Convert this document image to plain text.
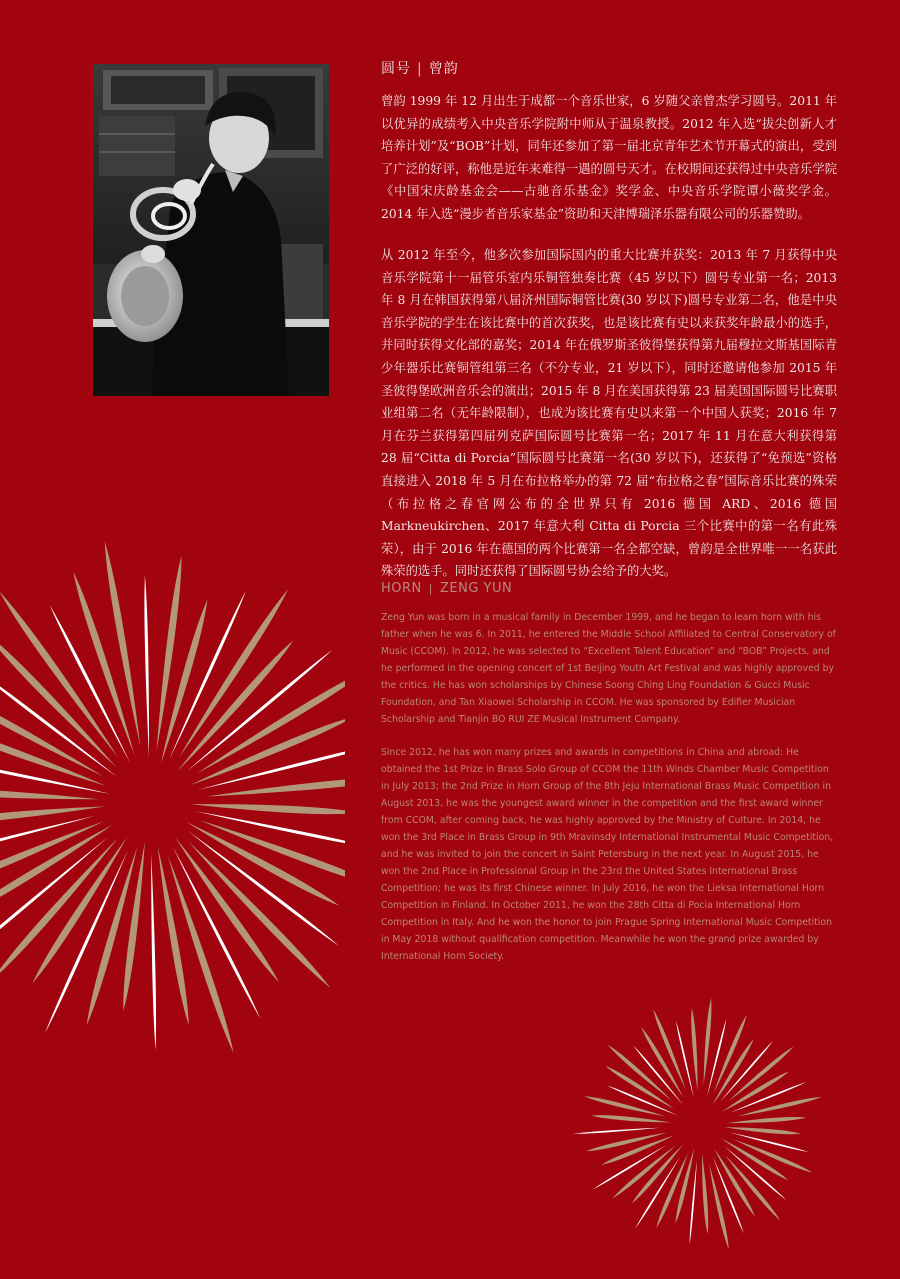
圆号 | 曾韵

曾韵 1999 年 12 月出生于成都一个音乐世家，6 岁随父亲曾杰学习圆号。2011 年以优异的成绩考入中央音乐学院附中师从于温泉教授。2012 年入选“拔尖创新人才培养计划”及“BOB”计划，同年还参加了第一届北京青年艺术节开幕式的演出，受到了广泛的好评，称他是近年来难得一遇的圆号天才。在校期间还获得过中央音乐学院《中国宋庆龄基金会——古驰音乐基金》奖学金、中央音乐学院谭小薇奖学金。2014 年入选“漫步者音乐家基金”资助和天津博瑞泽乐器有限公司的乐器赞助。

从 2012 年至今，他多次参加国际国内的重大比赛并获奖：2013 年 7 月获得中央音乐学院第十一届管乐室内乐铜管独奏比赛（45 岁以下）圆号专业第一名；2013 年 8 月在韩国获得第八届济州国际铜管比赛(30 岁以下)圆号专业第二名，他是中央音乐学院的学生在该比赛中的首次获奖，也是该比赛有史以来获奖年龄最小的选手，并同时获得文化部的嘉奖；2014 年在俄罗斯圣彼得堡获得第九届穆拉文斯基国际青少年器乐比赛铜管组第三名（不分专业，21 岁以下），同时还邀请他参加 2015 年圣彼得堡欧洲音乐会的演出；2015 年 8 月在美国获得第 23 届美国国际圆号比赛职业组第二名（无年龄限制），也成为该比赛有史以来第一个中国人获奖；2016 年 7 月在芬兰获得第四届列克萨国际圆号比赛第一名；2017 年 11 月在意大利获得第 28 届“Citta di Porcia”国际圆号比赛第一名(30 岁以下)，还获得了“免预选”资格直接进入 2018 年 5 月在布拉格举办的第 72 届“布拉格之春”国际音乐比赛的殊荣（布拉格之春官网公布的全世界只有 2016 德国 ARD、2016 德国 Markneukirchen、2017 年意大利 Citta di Porcia 三个比赛中的第一名有此殊荣），由于 2016 年在德国的两个比赛第一名全都空缺，曾韵是全世界唯一一名获此殊荣的选手。同时还获得了国际圆号协会给予的大奖。

HORN | ZENG YUN

Zeng Yun was born in a musical family in December 1999, and he began to learn horn with his father when he was 6. In 2011, he entered the Middle School Affiliated to Central Conservatory of Music (CCOM). In 2012, he was selected to “Excellent Talent Education” and “BOB” Projects, and he performed in the opening concert of 1st Beijing Youth Art Festival and was highly approved by the critics. He has won scholarships by Chinese Soong Ching Ling Foundation & Gucci Music Foundation, and Tan Xiaowei Scholarship in CCOM. He was sponsored by Edifier Musician Scholarship and Tianjin BO RUI ZE Musical Instrument Company.

Since 2012, he has won many prizes and awards in competitions in China and abroad: He obtained the 1st Prize in Brass Solo Group of CCOM the 11th Winds Chamber Music Competition in July 2013; the 2nd Prize in Horn Group of the 8th Jeju International Brass Music Competition in August 2013, he was the youngest award winner in the competition and the first award winner from CCOM, after coming back, he was highly approved by the Ministry of Culture. In 2014, he won the 3rd Place in Brass Group in 9th Mravinsdy International Instrumental Music Competition, and he was invited to join the concert in Saint Petersburg in the next year. In August 2015, he won the 2nd Place in Professional Group in the 23rd the United States International Brass Competition; he was its first Chinese winner. In July 2016, he won the Lieksa International Horn Competition in Finland. In October 2011, he won the 28th Citta di Pocia International Horn Competition in Italy. And he won the honor to join Prague Spring International Music Competition in May 2018 without qualification competition. Meanwhile he won the grand prize awarded by International Horn Society.
